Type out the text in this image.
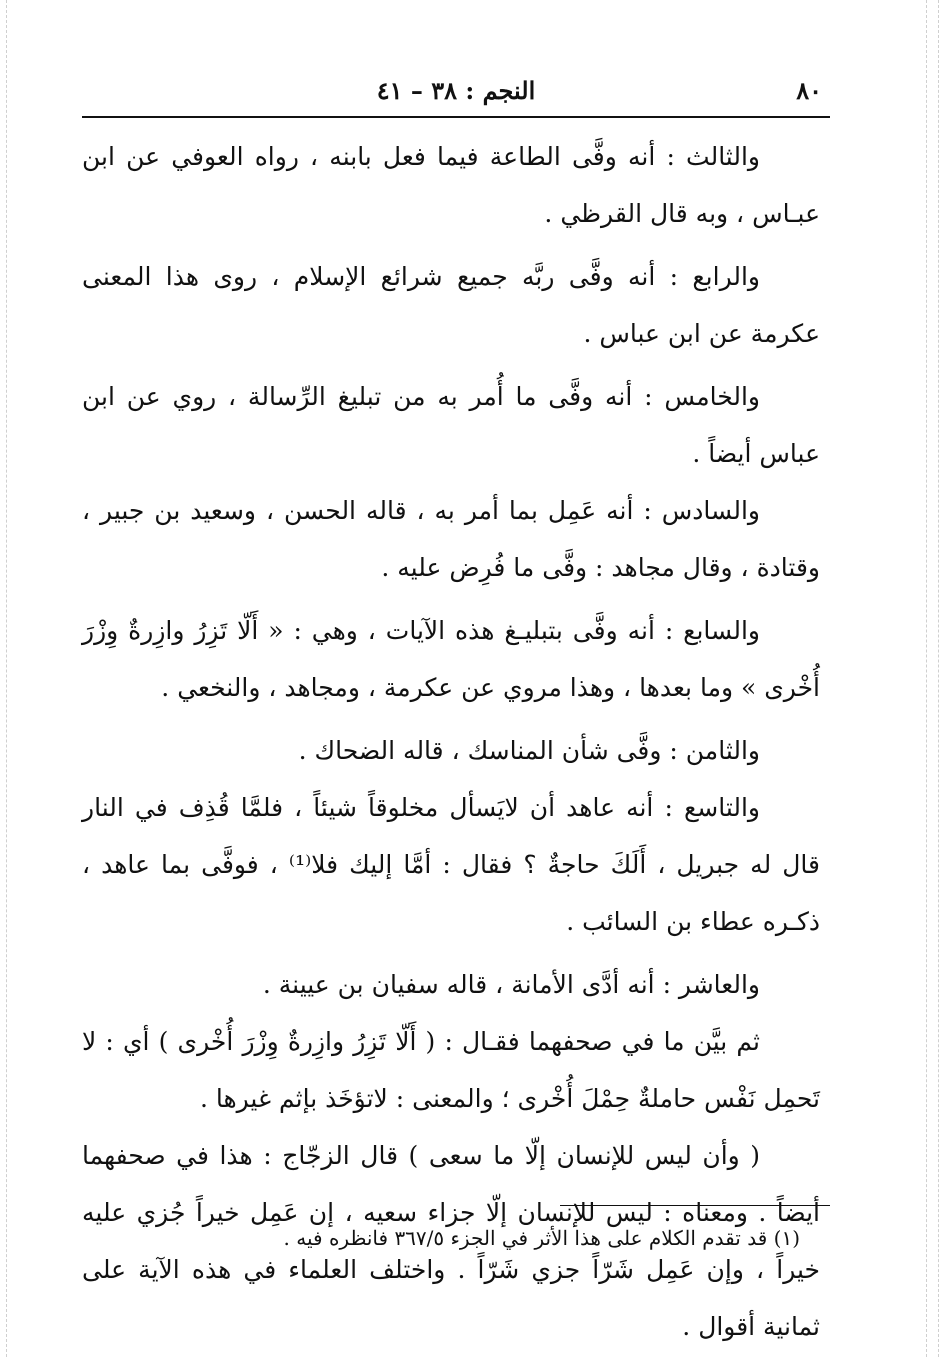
٨٠
النجم : ٣٨ – ٤١

والثالث : أنه وفَّى الطاعة فيما فعل بابنه ، رواه العوفي عن ابن عبـاس ، وبه قال القرظي .

والرابع : أنه وفَّى ربَّه جميع شرائع الإسلام ، روى هذا المعنى عكرمة عن ابن عباس .

والخامس : أنه وفَّى ما أُمر به من تبليغ الرِّسالة ، روي عن ابن عباس أيضاً .

والسادس : أنه عَمِل بما أمر به ، قاله الحسن ، وسعيد بن جبير ، وقتادة ، وقال مجاهد : وفَّى ما فُرِض عليه .

والسابع : أنه وفَّى بتبليـغ هذه الآيات ، وهي : « أَلّا تَزِرُ وازِرةٌ وِزْرَ أُخْرى » وما بعدها ، وهذا مروي عن عكرمة ، ومجاهد ، والنخعي .

والثامن : وفَّى شأن المناسك ، قاله الضحاك .

والتاسع : أنه عاهد أن لايَسأل مخلوقاً شيئاً ، فلمَّا قُذِف في النار قال له جبريل ، أَلَكَ حاجةٌ ؟ فقال : أمَّا إليك فلا⁽¹⁾ ، فوفَّى بما عاهد ، ذكـره عطاء بن السائب .

والعاشر : أنه أدَّى الأمانة ، قاله سفيان بن عيينة .

ثم بيَّن ما في صحفهما فقـال : ( أَلّا تَزِرُ وازِرةٌ وِزْرَ أُخْرى ) أي : لا تَحمِل نَفْس حاملةٌ حِمْلَ أُخْرى ؛ والمعنى : لاتؤخَذ بإثم غيرها .

( وأن ليس للإنسان إلّا ما سعى ) قال الزجّاج : هذا في صحفهما أيضاً . ومعناه : ليس للإنسان إلّا جزاء سعيه ، إن عَمِل خيراً جُزي عليه خيراً ، وإن عَمِل شَرّاً جزي شَرّاً . واختلف العلماء في هذه الآية على ثمانية أقوال .

(١) قد تقدم الكلام على هذا الأثر في الجزء ٣٦٧/٥ فانظره فيه .
